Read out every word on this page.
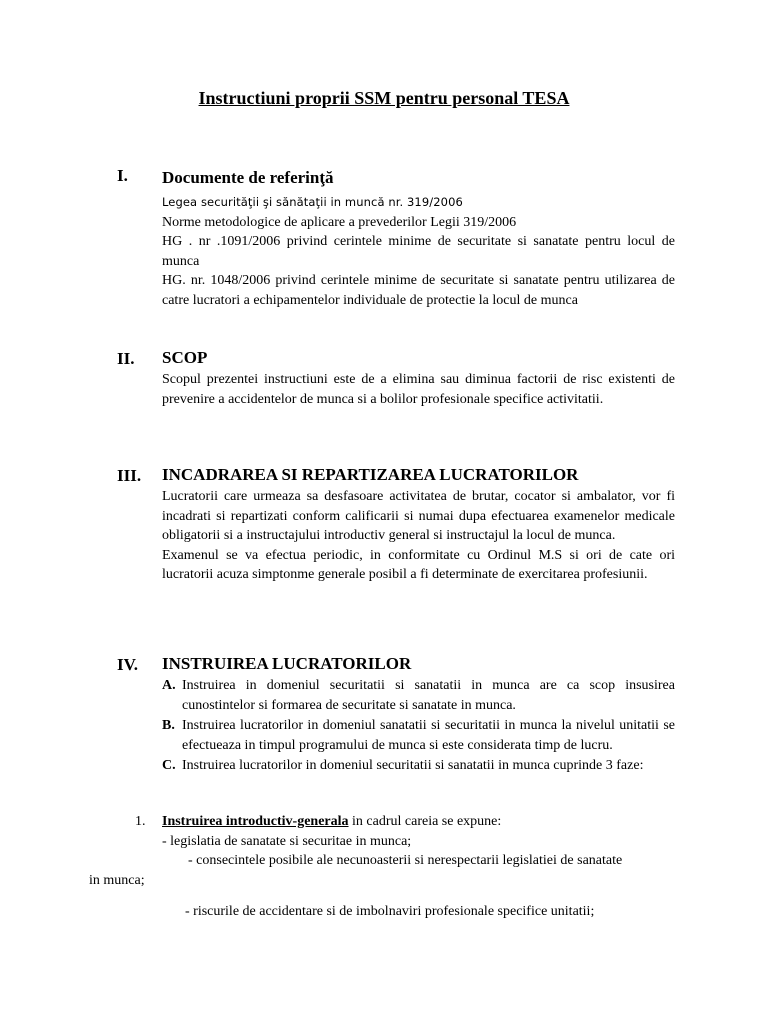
Instructiuni proprii SSM pentru personal TESA
I. Documente de referinţă

Legea securităţii şi sănătaţii in muncă nr. 319/2006

Norme metodologice de aplicare a prevederilor Legii 319/2006

HG . nr .1091/2006 privind cerintele minime de securitate si sanatate pentru locul de munca

HG. nr. 1048/2006 privind cerintele minime de securitate si sanatate pentru utilizarea de catre lucratori a echipamentelor individuale de protectie la locul de munca

II. SCOP

Scopul prezentei instructiuni este de a elimina sau diminua factorii de risc existenti de prevenire a accidentelor de munca si a bolilor profesionale specifice activitatii.

III. INCADRAREA SI REPARTIZAREA LUCRATORILOR

Lucratorii care urmeaza sa desfasoare activitatea de brutar, cocator si ambalator, vor fi incadrati si repartizati conform calificarii si numai dupa efectuarea examenelor medicale obligatorii si a instructajului introductiv general si instructajul la locul de munca.

Examenul se va efectua periodic, in conformitate cu Ordinul M.S si ori de cate ori lucratorii acuza simptonme generale posibil a fi determinate de exercitarea profesiunii.

IV. INSTRUIREA LUCRATORILOR
A. Instruirea in domeniul securitatii si sanatatii in munca are ca scop insusirea cunostintelor si formarea de securitate si sanatate in munca.
B. Instruirea lucratorilor in domeniul sanatatii si securitatii in munca la nivelul unitatii se efectueaza in timpul programului de munca si este considerata timp de lucru.
C. Instruirea lucratorilor in domeniul securitatii si sanatatii in munca cuprinde 3 faze:
1. Instruirea introductiv-generala in cadrul careia se expune:
- legislatia de sanatate si securitae in munca;
- consecintele posibile ale necunoasterii si nerespectarii legislatiei de sanatate
in munca;
- riscurile de accidentare si de imbolnaviri profesionale specifice unitatii;
